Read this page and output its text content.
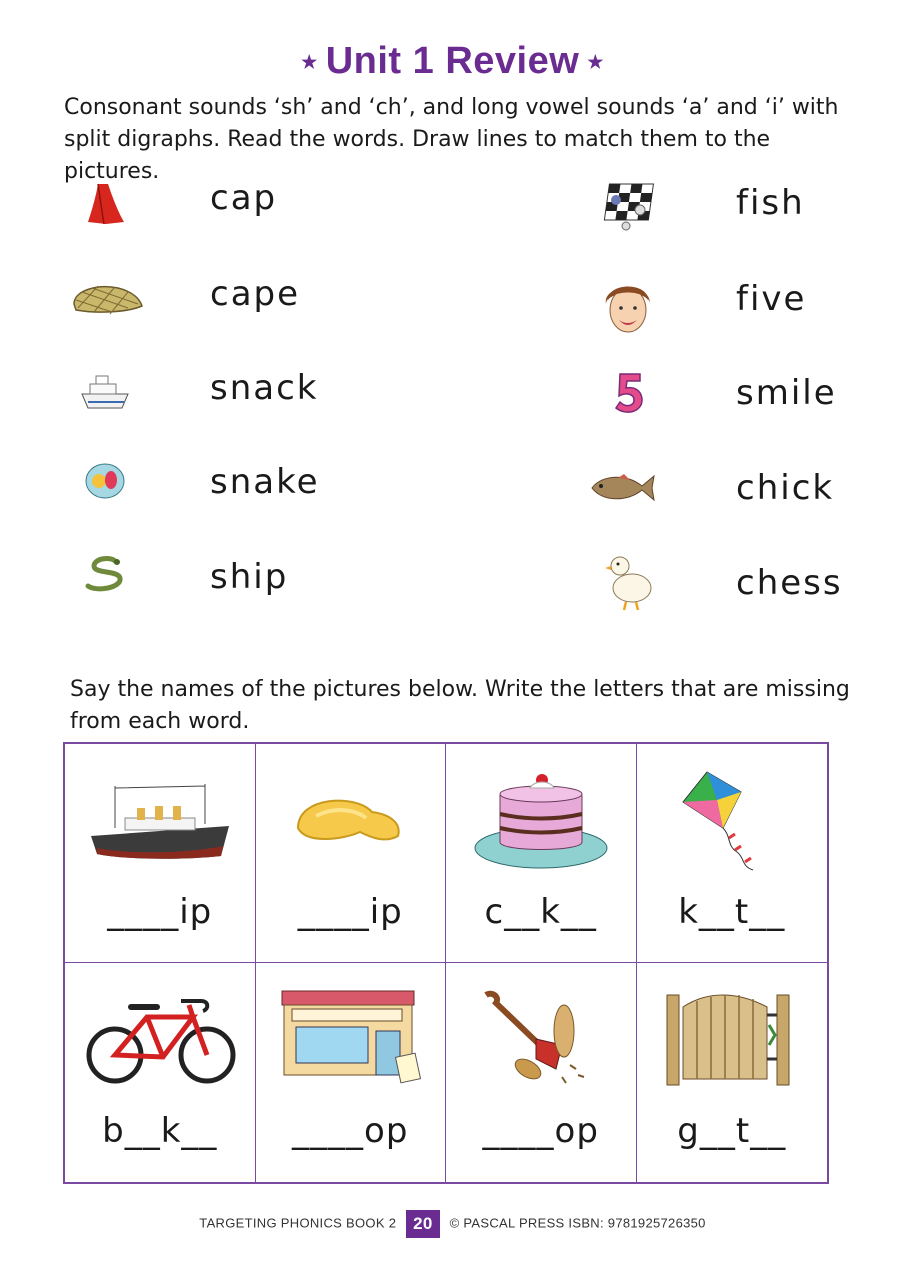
★ Unit 1 Review ★
Consonant sounds ‘sh’ and ‘ch’, and long vowel sounds ‘a’ and ‘i’ with split digraphs. Read the words. Draw lines to match them to the pictures.
cap
cape
snack
snake
ship
fish
five
smile
chick
chess
Say the names of the pictures below. Write the letters that are missing from each word.
____ip	____ip	c__k__	k__t__
b__k__	____op	____op	g__t__
TARGETING PHONICS BOOK 2 20 © PASCAL PRESS ISBN: 9781925726350
